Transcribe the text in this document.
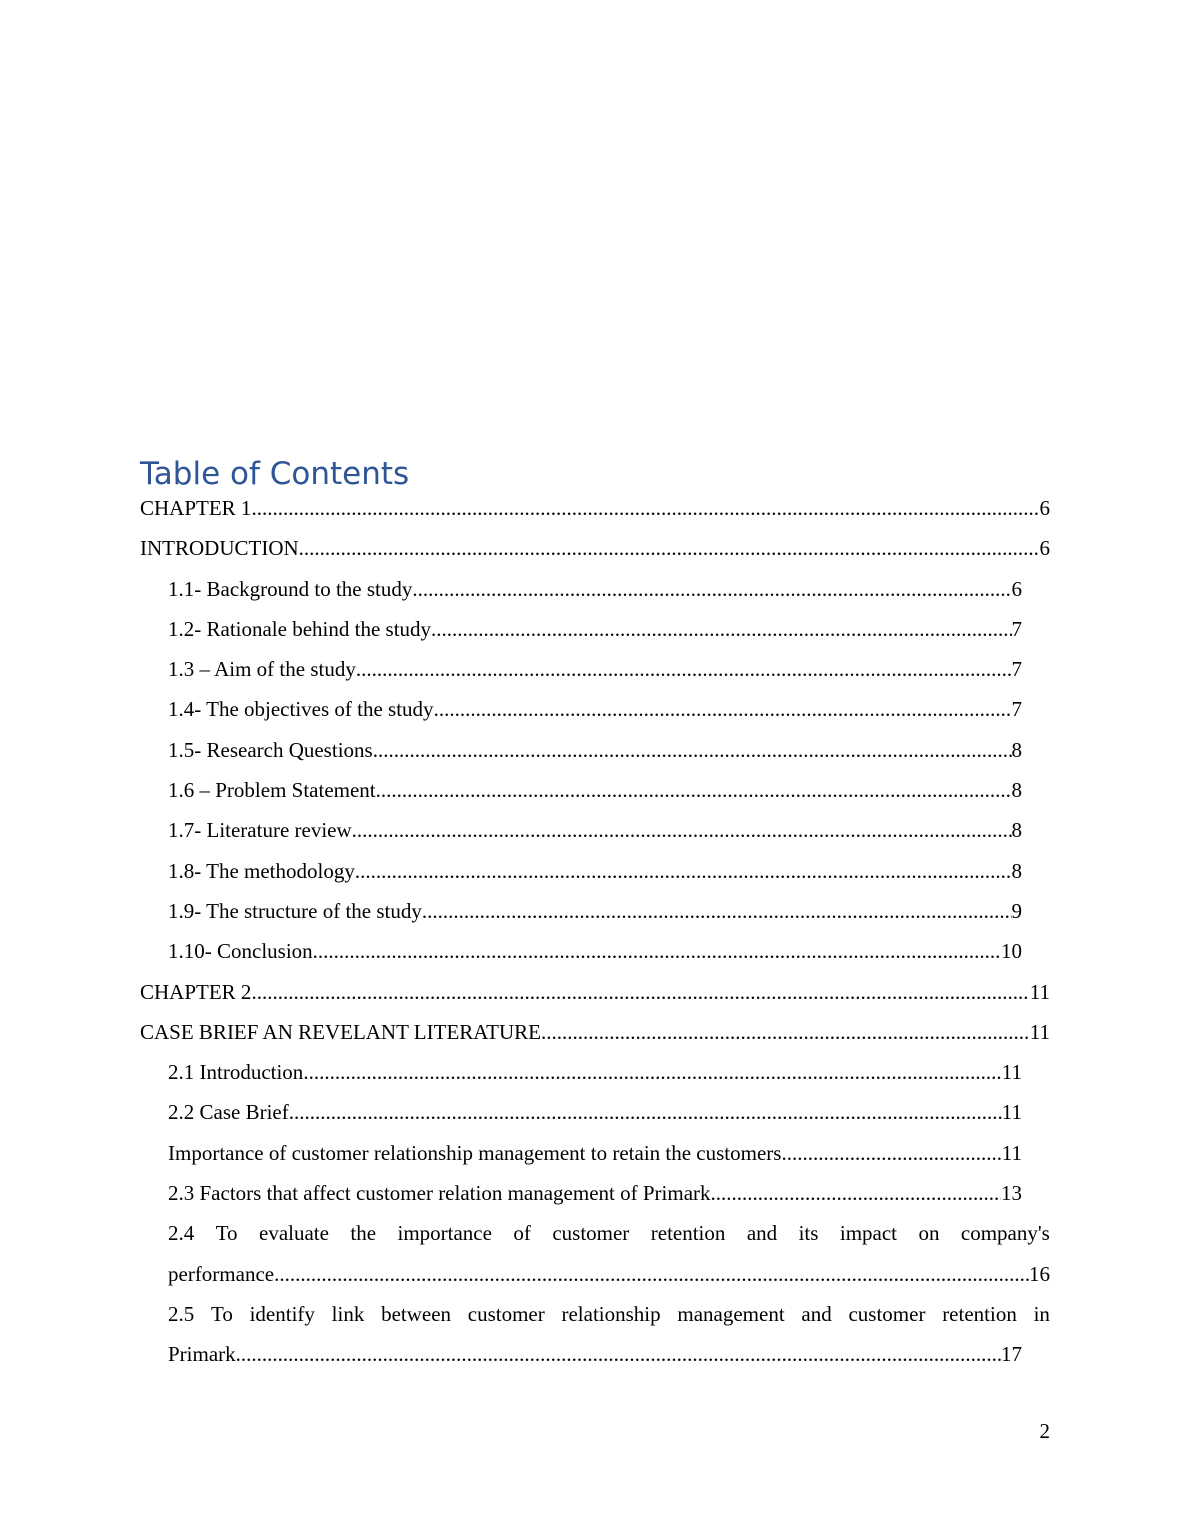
Table of Contents
CHAPTER 1 .....	6
INTRODUCTION .....	6
1.1- Background to the study .....	6
1.2- Rationale behind the study .....	7
1.3 – Aim of the study .....	7
1.4- The objectives of the study .....	7
1.5- Research Questions .....	8
1.6 – Problem Statement .....	8
1.7- Literature review .....	8
1.8- The methodology .....	8
1.9- The structure of the study .....	9
1.10- Conclusion .....	10
CHAPTER 2 .....	11
CASE BRIEF AN REVELANT LITERATURE .....	11
2.1 Introduction .....	11
2.2 Case Brief .....	11
Importance of customer relationship management to retain the customers .....	11
2.3 Factors that affect customer relation management of Primark .....	13
2.4 To evaluate the importance of customer retention and its impact on company's
performance .....	16
2.5 To identify link between customer relationship management and customer retention in
Primark .....	17
2
